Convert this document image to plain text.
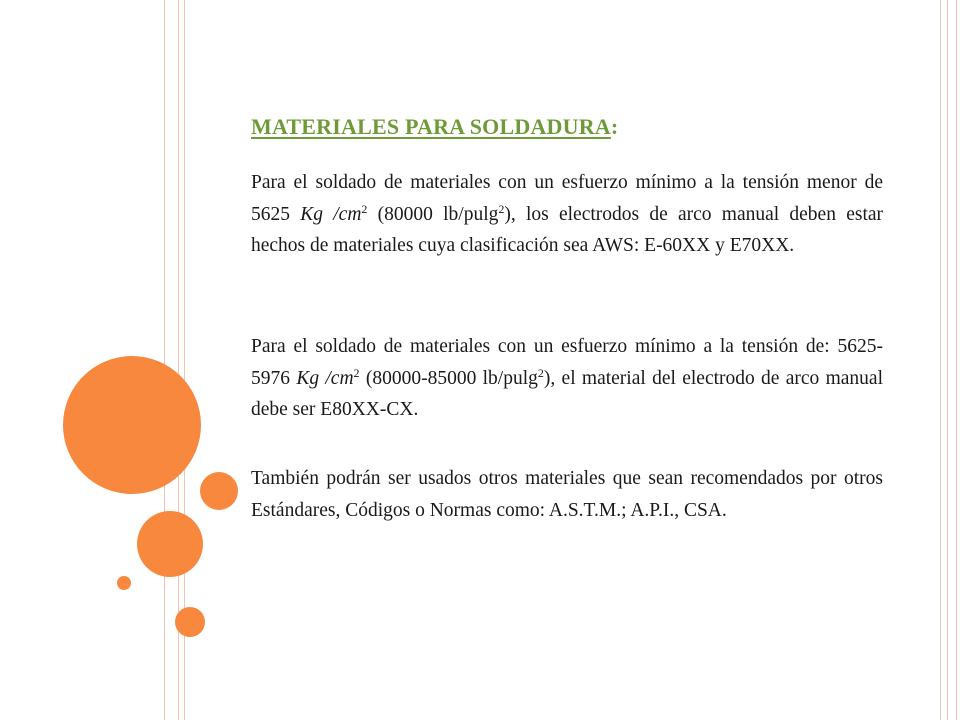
MATERIALES PARA SOLDADURA:

Para el soldado de materiales con un esfuerzo mínimo a la tensión menor de 5625 Kg $/cm^2$ (80000 lb/pulg$^2$), los electrodos de arco manual deben estar hechos de materiales cuya clasificación sea AWS: E-60XX y E70XX.

Para el soldado de materiales con un esfuerzo mínimo a la tensión de: 5625- 5976 Kg $/cm^2$ (80000-85000 lb/pulg$^2$), el material del electrodo de arco manual debe ser E80XX-CX.

También podrán ser usados otros materiales que sean recomendados por otros Estándares, Códigos o Normas como: A.S.T.M.; A.P.I., CSA.
